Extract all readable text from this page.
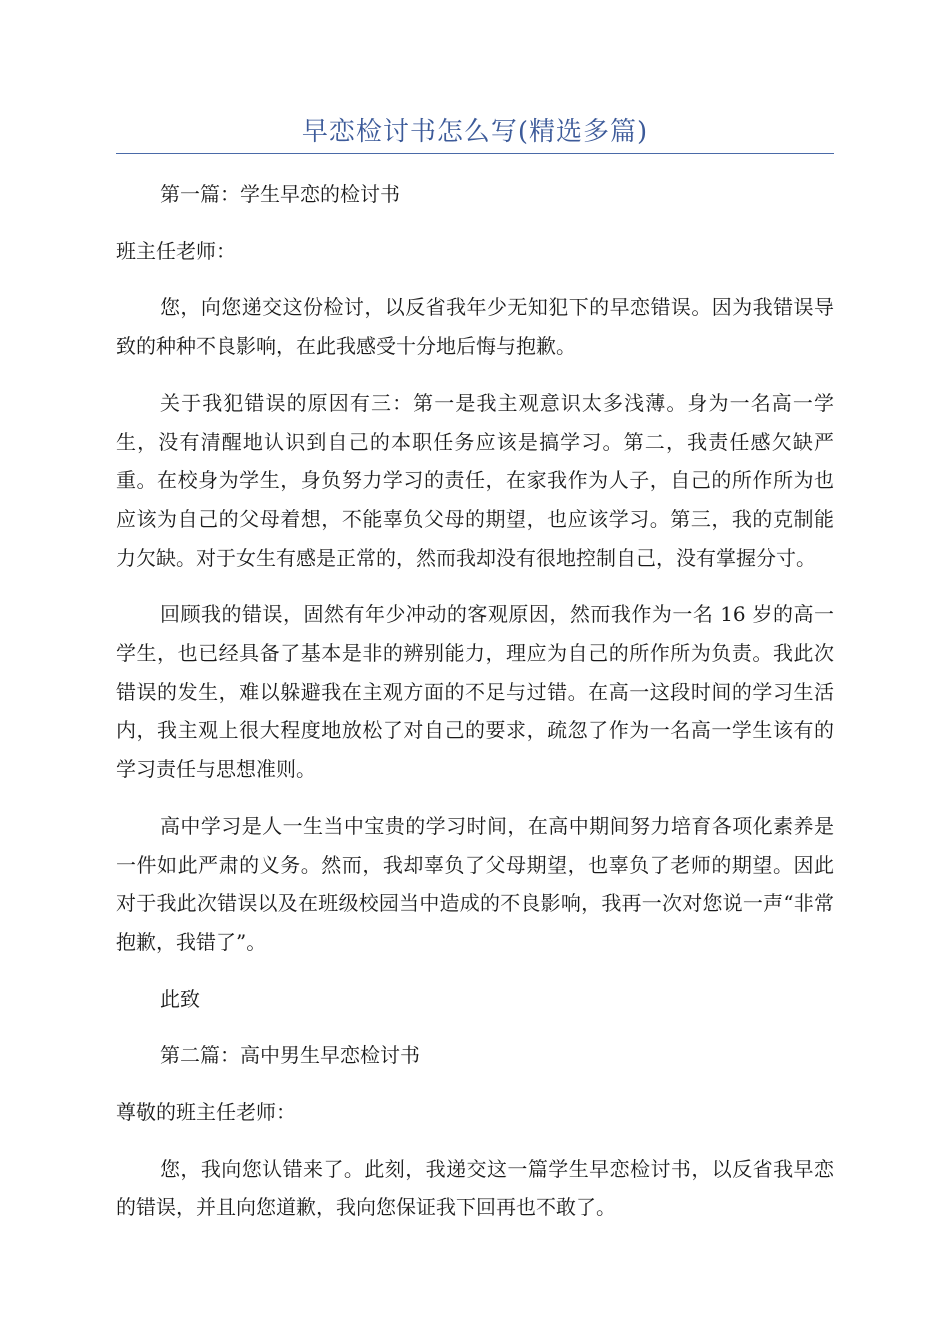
早恋检讨书怎么写(精选多篇)

第一篇：学生早恋的检讨书

班主任老师：

您，向您递交这份检讨，以反省我年少无知犯下的早恋错误。因为我错误导致的种种不良影响，在此我感受十分地后悔与抱歉。

关于我犯错误的原因有三：第一是我主观意识太多浅薄。身为一名高一学生，没有清醒地认识到自己的本职任务应该是搞学习。第二，我责任感欠缺严重。在校身为学生，身负努力学习的责任，在家我作为人子，自己的所作所为也应该为自己的父母着想，不能辜负父母的期望，也应该学习。第三，我的克制能力欠缺。对于女生有感是正常的，然而我却没有很地控制自己，没有掌握分寸。

回顾我的错误，固然有年少冲动的客观原因，然而我作为一名 16 岁的高一学生，也已经具备了基本是非的辨别能力，理应为自己的所作所为负责。我此次错误的发生，难以躲避我在主观方面的不足与过错。在高一这段时间的学习生活内，我主观上很大程度地放松了对自己的要求，疏忽了作为一名高一学生该有的学习责任与思想准则。

高中学习是人一生当中宝贵的学习时间，在高中期间努力培育各项化素养是一件如此严肃的义务。然而，我却辜负了父母期望，也辜负了老师的期望。因此对于我此次错误以及在班级校园当中造成的不良影响，我再一次对您说一声“非常抱歉，我错了”。

此致

第二篇：高中男生早恋检讨书

尊敬的班主任老师：

您，我向您认错来了。此刻，我递交这一篇学生早恋检讨书，以反省我早恋的错误，并且向您道歉，我向您保证我下回再也不敢了。
